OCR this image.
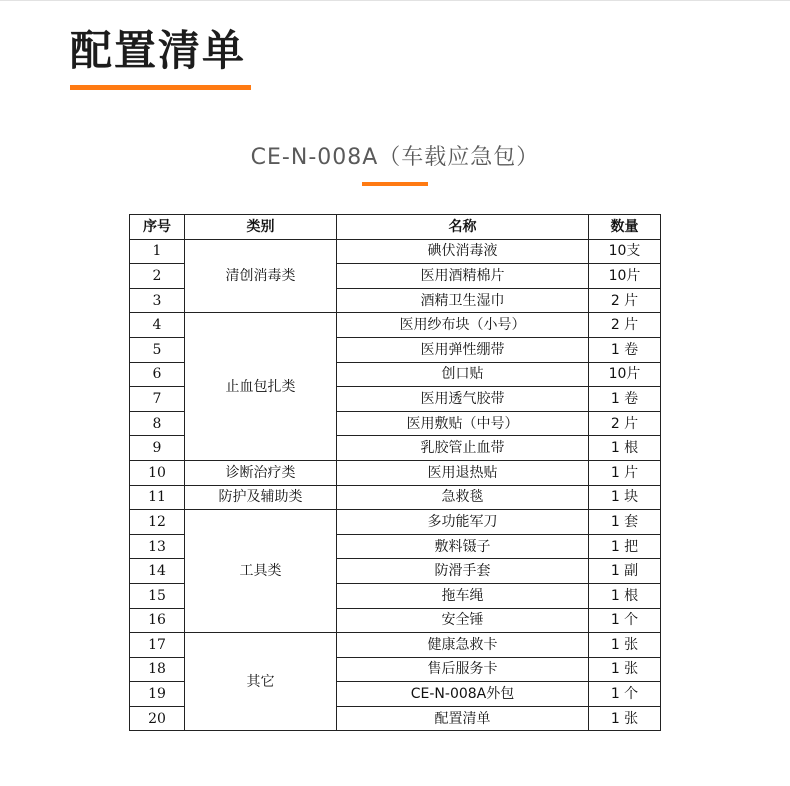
配置清单
CE-N-008A（车载应急包）
序号	类别	名称	数量
1	清创消毒类	碘伏消毒液	10支
2		医用酒精棉片	10片
3		酒精卫生湿巾	2 片
4	止血包扎类	医用纱布块（小号）	2 片
5		医用弹性绷带	1 卷
6		创口贴	10片
7		医用透气胶带	1 卷
8		医用敷贴（中号）	2 片
9		乳胶管止血带	1 根
10	诊断治疗类	医用退热贴	1 片
11	防护及辅助类	急救毯	1 块
12	工具类	多功能军刀	1 套
13		敷料镊子	1 把
14		防滑手套	1 副
15		拖车绳	1 根
16		安全锤	1 个
17	其它	健康急救卡	1 张
18		售后服务卡	1 张
19		CE-N-008A外包	1 个
20		配置清单	1 张
